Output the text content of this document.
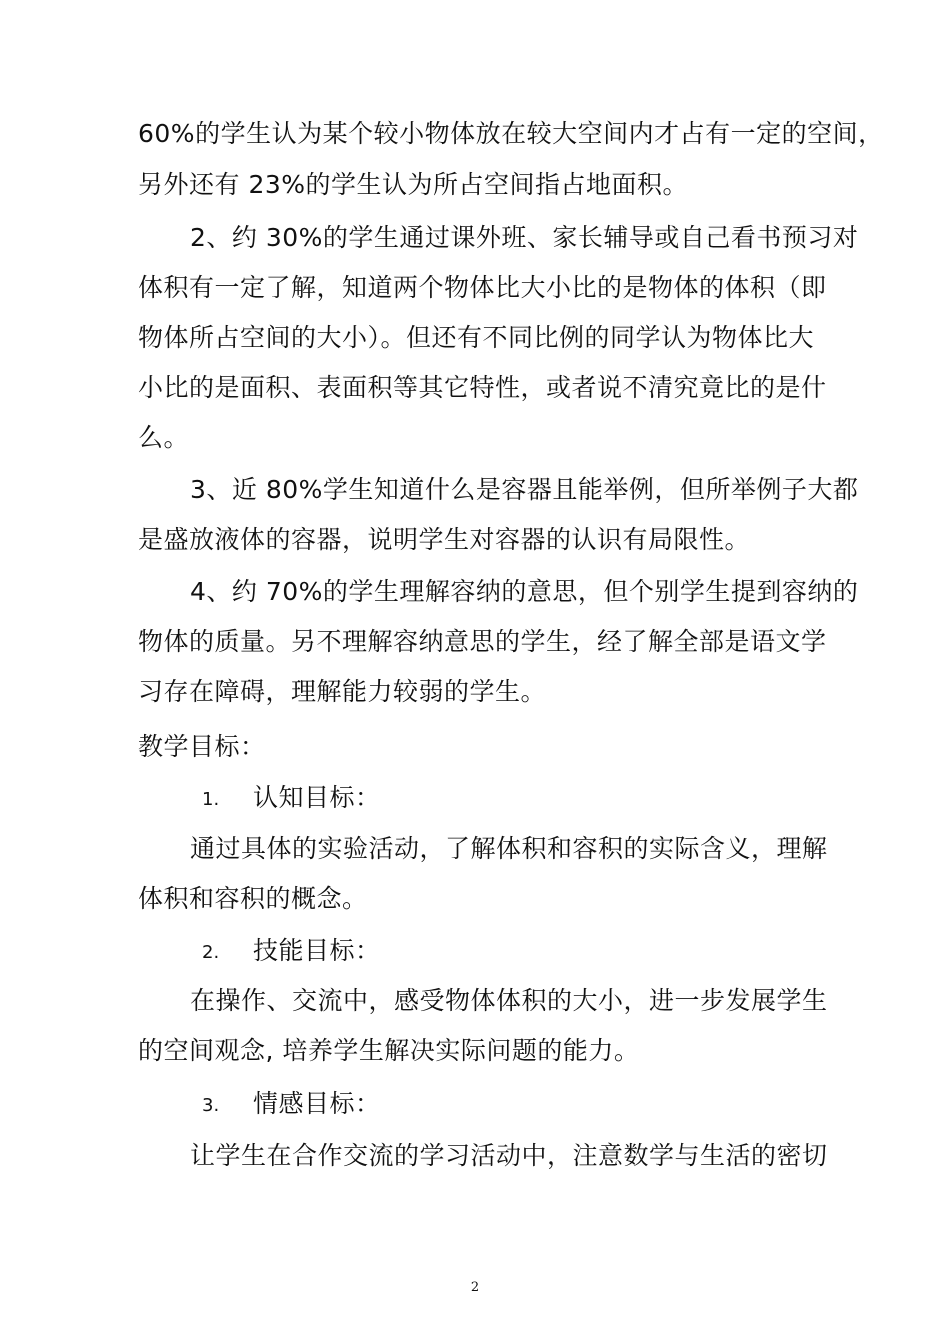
60%的学生认为某个较小物体放在较大空间内才占有一定的空间，
另外还有 23%的学生认为所占空间指占地面积。
2、约 30%的学生通过课外班、家长辅导或自己看书预习对
体积有一定了解，知道两个物体比大小比的是物体的体积（即
物体所占空间的大小）。但还有不同比例的同学认为物体比大
小比的是面积、表面积等其它特性，或者说不清究竟比的是什
么。
3、近 80%学生知道什么是容器且能举例，但所举例子大都
是盛放液体的容器，说明学生对容器的认识有局限性。
4、约 70%的学生理解容纳的意思，但个别学生提到容纳的
物体的质量。另不理解容纳意思的学生，经了解全部是语文学
习存在障碍，理解能力较弱的学生。
教学目标：
1. 认知目标：
通过具体的实验活动，了解体积和容积的实际含义，理解
体积和容积的概念。
2. 技能目标：
在操作、交流中，感受物体体积的大小，进一步发展学生
的空间观念, 培养学生解决实际问题的能力。
3. 情感目标：
让学生在合作交流的学习活动中，注意数学与生活的密切
2
